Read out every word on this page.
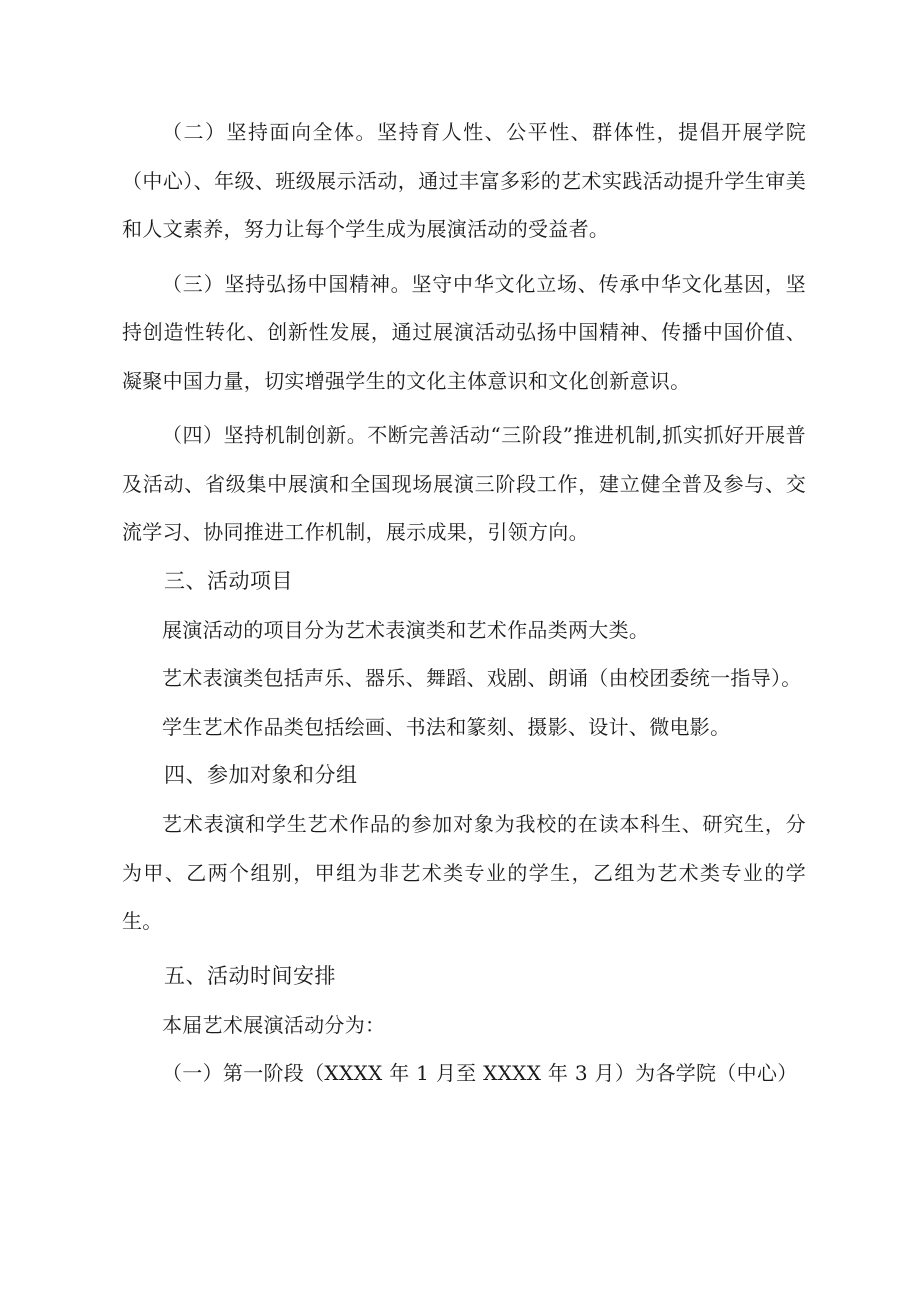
（二）坚持面向全体。坚持育人性、公平性、群体性，提倡开展学院（中心）、年级、班级展示活动，通过丰富多彩的艺术实践活动提升学生审美和人文素养，努力让每个学生成为展演活动的受益者。

（三）坚持弘扬中国精神。坚守中华文化立场、传承中华文化基因，坚持创造性转化、创新性发展，通过展演活动弘扬中国精神、传播中国价值、凝聚中国力量，切实增强学生的文化主体意识和文化创新意识。

（四）坚持机制创新。不断完善活动“三阶段”推进机制,抓实抓好开展普及活动、省级集中展演和全国现场展演三阶段工作，建立健全普及参与、交流学习、协同推进工作机制，展示成果，引领方向。

三、活动项目

展演活动的项目分为艺术表演类和艺术作品类两大类。

艺术表演类包括声乐、器乐、舞蹈、戏剧、朗诵（由校团委统一指导）。

学生艺术作品类包括绘画、书法和篆刻、摄影、设计、微电影。

四、参加对象和分组

艺术表演和学生艺术作品的参加对象为我校的在读本科生、研究生，分为甲、乙两个组别，甲组为非艺术类专业的学生，乙组为艺术类专业的学生。

五、活动时间安排

本届艺术展演活动分为：

（一）第一阶段（XXXX 年 1 月至 XXXX 年 3 月）为各学院（中心）
